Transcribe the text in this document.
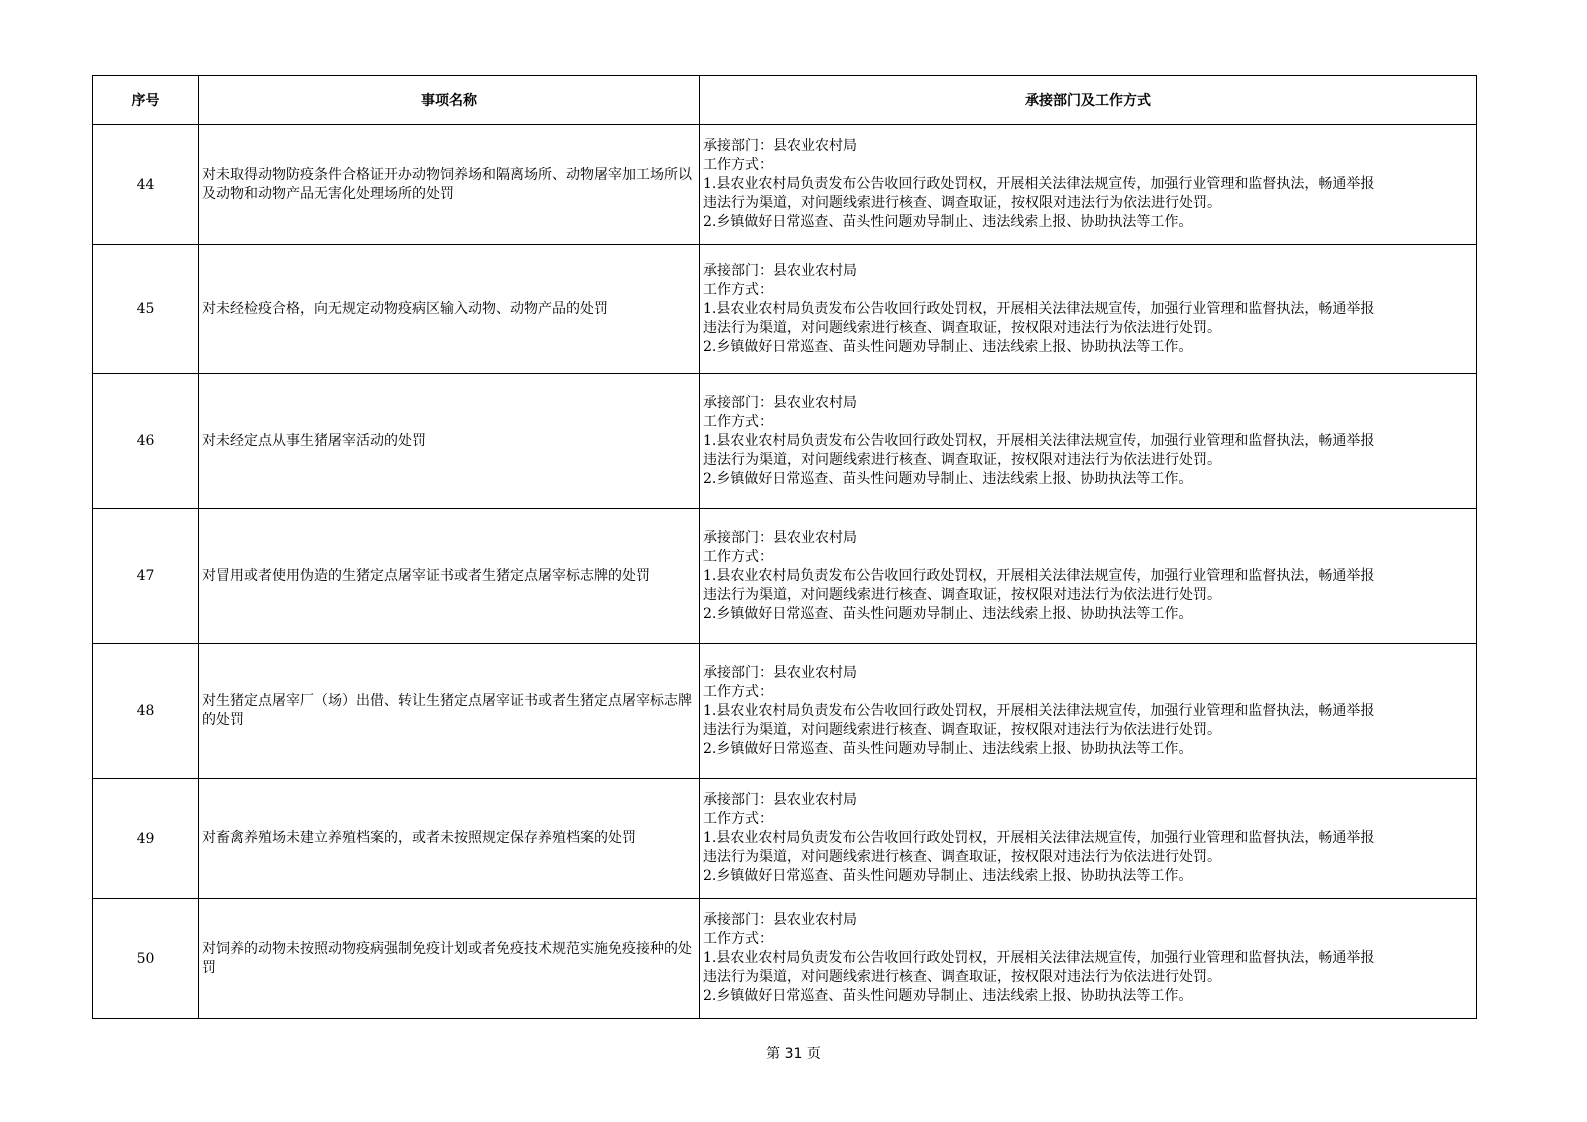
序号	事项名称	承接部门及工作方式
44	对未取得动物防疫条件合格证开办动物饲养场和隔离场所、动物屠宰加工场所以及动物和动物产品无害化处理场所的处罚	承接部门：县农业农村局
工作方式：
1.县农业农村局负责发布公告收回行政处罚权，开展相关法律法规宣传，加强行业管理和监督执法，畅通举报
违法行为渠道，对问题线索进行核查、调查取证，按权限对违法行为依法进行处罚。
2.乡镇做好日常巡查、苗头性问题劝导制止、违法线索上报、协助执法等工作。

45	对未经检疫合格，向无规定动物疫病区输入动物、动物产品的处罚	承接部门：县农业农村局
工作方式：
1.县农业农村局负责发布公告收回行政处罚权，开展相关法律法规宣传，加强行业管理和监督执法，畅通举报
违法行为渠道，对问题线索进行核查、调查取证，按权限对违法行为依法进行处罚。
2.乡镇做好日常巡查、苗头性问题劝导制止、违法线索上报、协助执法等工作。

46	对未经定点从事生猪屠宰活动的处罚	承接部门：县农业农村局
工作方式：
1.县农业农村局负责发布公告收回行政处罚权，开展相关法律法规宣传，加强行业管理和监督执法，畅通举报
违法行为渠道，对问题线索进行核查、调查取证，按权限对违法行为依法进行处罚。
2.乡镇做好日常巡查、苗头性问题劝导制止、违法线索上报、协助执法等工作。

47	对冒用或者使用伪造的生猪定点屠宰证书或者生猪定点屠宰标志牌的处罚	承接部门：县农业农村局
工作方式：
1.县农业农村局负责发布公告收回行政处罚权，开展相关法律法规宣传，加强行业管理和监督执法，畅通举报
违法行为渠道，对问题线索进行核查、调查取证，按权限对违法行为依法进行处罚。
2.乡镇做好日常巡查、苗头性问题劝导制止、违法线索上报、协助执法等工作。

48	对生猪定点屠宰厂（场）出借、转让生猪定点屠宰证书或者生猪定点屠宰标志牌的处罚	承接部门：县农业农村局
工作方式：
1.县农业农村局负责发布公告收回行政处罚权，开展相关法律法规宣传，加强行业管理和监督执法，畅通举报
违法行为渠道，对问题线索进行核查、调查取证，按权限对违法行为依法进行处罚。
2.乡镇做好日常巡查、苗头性问题劝导制止、违法线索上报、协助执法等工作。

49	对畜禽养殖场未建立养殖档案的，或者未按照规定保存养殖档案的处罚	承接部门：县农业农村局
工作方式：
1.县农业农村局负责发布公告收回行政处罚权，开展相关法律法规宣传，加强行业管理和监督执法，畅通举报
违法行为渠道，对问题线索进行核查、调查取证，按权限对违法行为依法进行处罚。
2.乡镇做好日常巡查、苗头性问题劝导制止、违法线索上报、协助执法等工作。

50	对饲养的动物未按照动物疫病强制免疫计划或者免疫技术规范实施免疫接种的处罚	承接部门：县农业农村局
工作方式：
1.县农业农村局负责发布公告收回行政处罚权，开展相关法律法规宣传，加强行业管理和监督执法，畅通举报
违法行为渠道，对问题线索进行核查、调查取证，按权限对违法行为依法进行处罚。
2.乡镇做好日常巡查、苗头性问题劝导制止、违法线索上报、协助执法等工作。
第 31 页
